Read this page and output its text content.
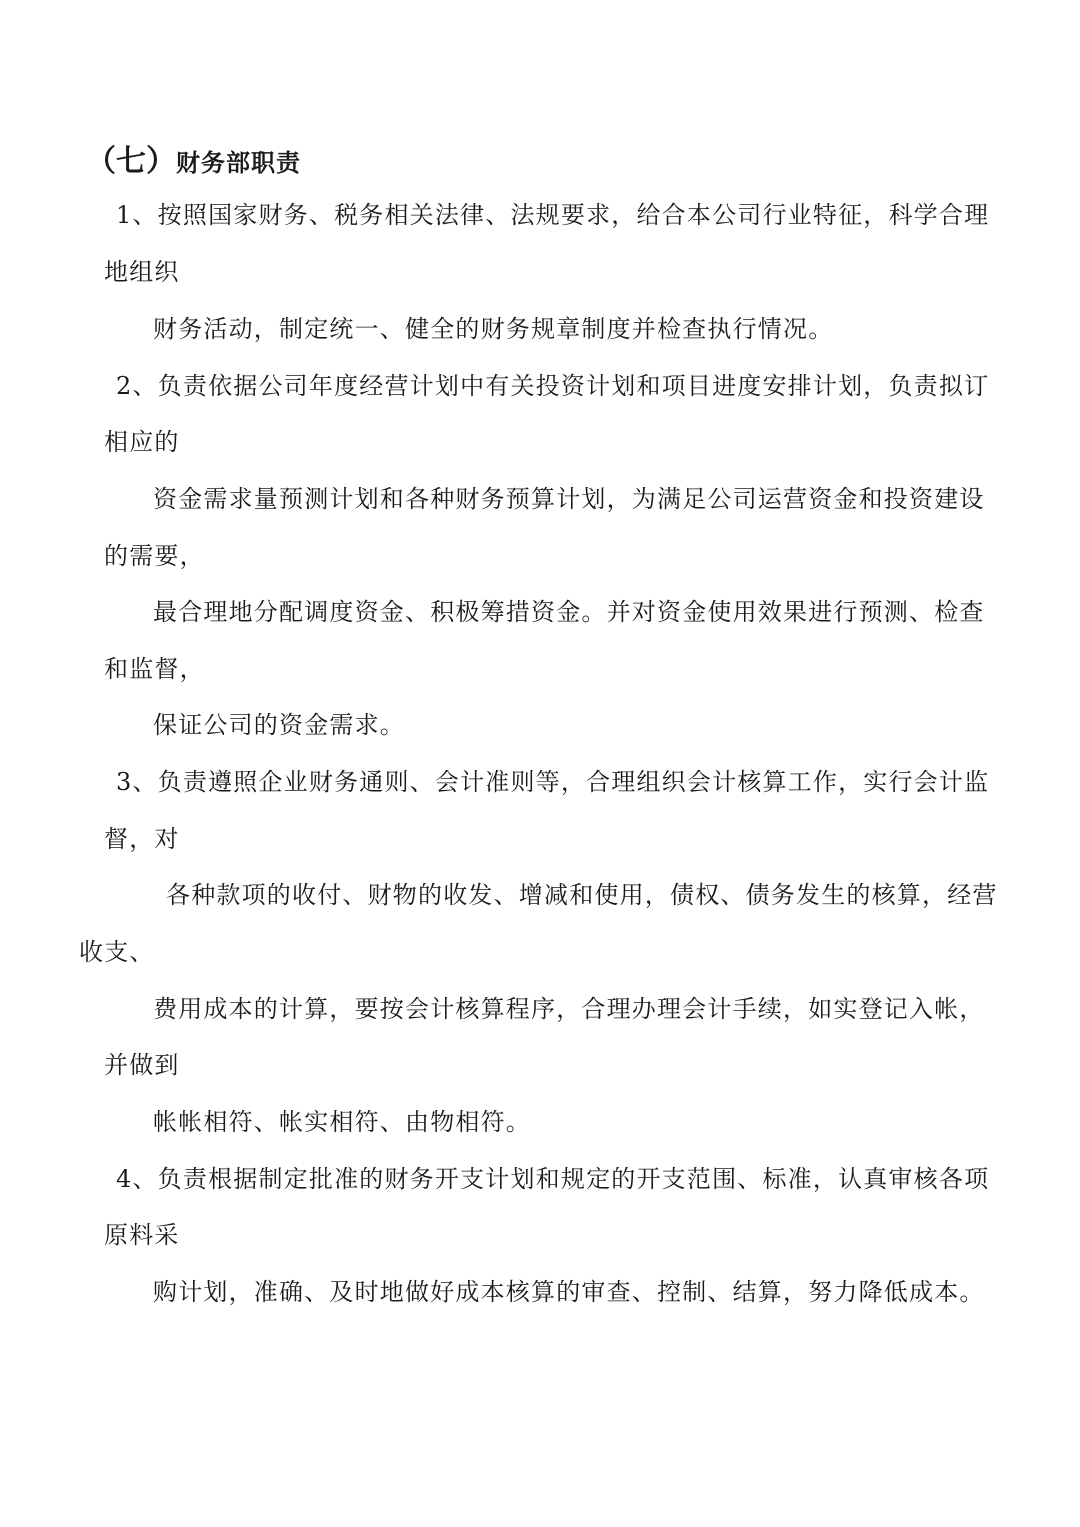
（七）财务部职责
1、按照国家财务、税务相关法律、法规要求，给合本公司行业特征，科学合理
地组织
财务活动，制定统一、健全的财务规章制度并检查执行情况。
2、负责依据公司年度经营计划中有关投资计划和项目进度安排计划，负责拟订
相应的
资金需求量预测计划和各种财务预算计划，为满足公司运营资金和投资建设
的需要，
最合理地分配调度资金、积极筹措资金。并对资金使用效果进行预测、检查
和监督，
保证公司的资金需求。
3、负责遵照企业财务通则、会计准则等，合理组织会计核算工作，实行会计监
督，对
各种款项的收付、财物的收发、增减和使用，债权、债务发生的核算，经营
收支、
费用成本的计算，要按会计核算程序，合理办理会计手续，如实登记入帐，
并做到
帐帐相符、帐实相符、由物相符。
4、负责根据制定批准的财务开支计划和规定的开支范围、标准，认真审核各项
原料采
购计划，准确、及时地做好成本核算的审查、控制、结算，努力降低成本。
